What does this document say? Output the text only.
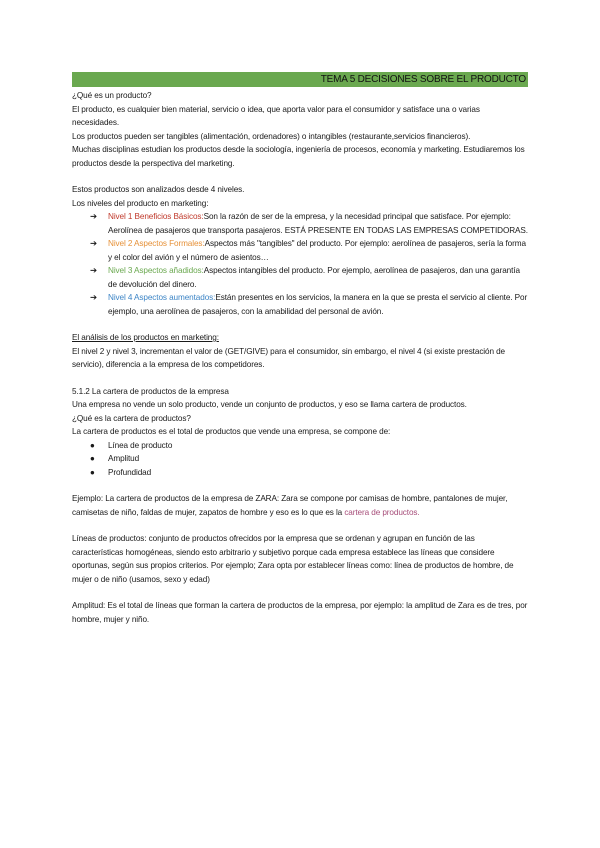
TEMA 5 DECISIONES SOBRE EL PRODUCTO

¿Qué es un producto?

El producto, es cualquier bien material, servicio o idea, que aporta valor para el consumidor y satisface una o varias necesidades.

Los productos pueden ser tangibles (alimentación, ordenadores) o intangibles (restaurante,servicios financieros).

Muchas disciplinas estudian los productos desde la sociología, ingeniería de procesos, economía y marketing. Estudiaremos los productos desde la perspectiva del marketing.

Estos productos son analizados desde 4 niveles.

Los niveles del producto en marketing:

➔ Nivel 1 Beneficios Básicos:Son la razón de ser de la empresa, y la necesidad principal que satisface. Por ejemplo: Aerolínea de pasajeros que transporta pasajeros. ESTÁ PRESENTE EN TODAS LAS EMPRESAS COMPETIDORAS.
➔ Nivel 2 Aspectos Formales:Aspectos más "tangibles" del producto. Por ejemplo: aerolínea de pasajeros, sería la forma y el color del avión y el número de asientos…
➔ Nivel 3 Aspectos añadidos:Aspectos intangibles del producto. Por ejemplo, aerolínea de pasajeros, dan una garantía de devolución del dinero.
➔ Nivel 4 Aspectos aumentados:Están presentes en los servicios, la manera en la que se presta el servicio al cliente. Por ejemplo, una aerolínea de pasajeros, con la amabilidad del personal de avión.

El análisis de los productos en marketing:

El nivel 2 y nivel 3, incrementan el valor de (GET/GIVE) para el consumidor, sin embargo, el nivel 4 (si existe prestación de servicio), diferencia a la empresa de los competidores.

5.1.2 La cartera de productos de la empresa

Una empresa no vende un solo producto, vende un conjunto de productos, y eso se llama cartera de productos.

¿Qué es la cartera de productos?

La cartera de productos es el total de productos que vende una empresa, se compone de:

● Línea de producto
● Amplitud
● Profundidad

Ejemplo: La cartera de productos de la empresa de ZARA: Zara se compone por camisas de hombre, pantalones de mujer, camisetas de niño, faldas de mujer, zapatos de hombre y eso es lo que es la cartera de productos.

Líneas de productos: conjunto de productos ofrecidos por la empresa que se ordenan y agrupan en función de las características homogéneas, siendo esto arbitrario y subjetivo porque cada empresa establece las líneas que considere oportunas, según sus propios criterios. Por ejemplo; Zara opta por establecer líneas como: línea de productos de hombre, de mujer o de niño (usamos, sexo y edad)

Amplitud: Es el total de líneas que forman la cartera de productos de la empresa, por ejemplo: la amplitud de Zara es de tres, por hombre, mujer y niño.
